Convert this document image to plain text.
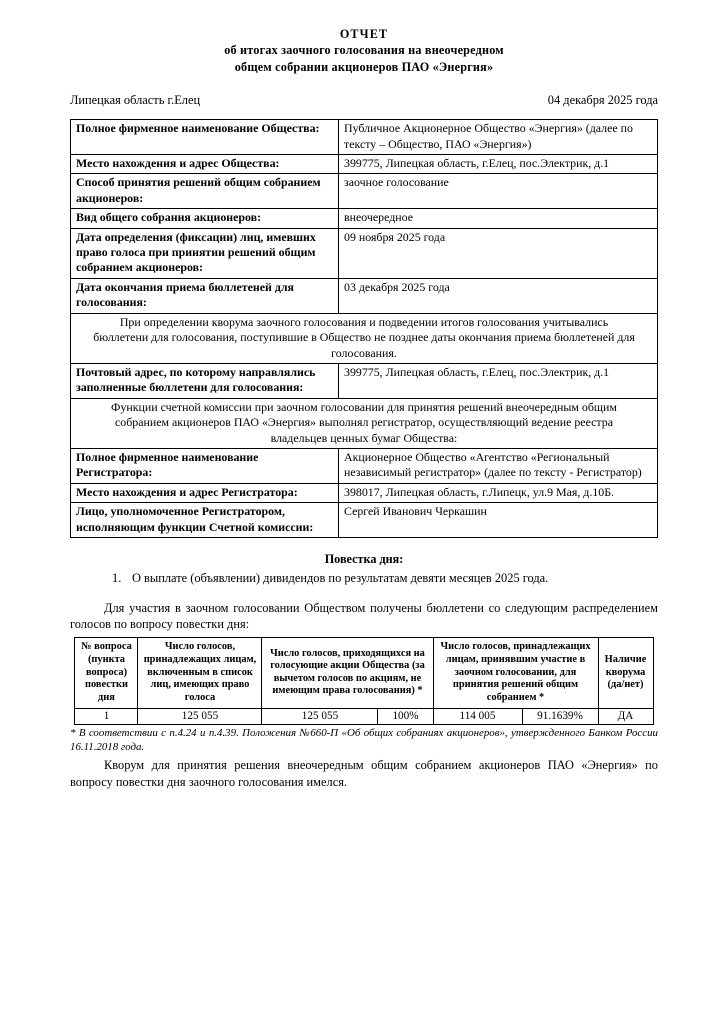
ОТЧЕТ
об итогах заочного голосования на внеочередном
общем собрании акционеров ПАО «Энергия»
Липецкая область г.Елец	04 декабря 2025 года
Полное фирменное наименование Общества:	Публичное Акционерное Общество «Энергия» (далее по тексту – Общество, ПАО «Энергия»)
Место нахождения и адрес Общества:	399775, Липецкая область, г.Елец, пос.Электрик, д.1
Способ принятия решений общим собранием акционеров:	заочное голосование
Вид общего собрания акционеров:	внеочередное
Дата определения (фиксации) лиц, имевших право голоса при принятии решений общим собранием акционеров:	09 ноября 2025 года
Дата окончания приема бюллетеней для голосования:	03 декабря 2025 года
При определении кворума заочного голосования и подведении итогов голосования учитывались бюллетени для голосования, поступившие в Общество не позднее даты окончания приема бюллетеней для голосования.	
Почтовый адрес, по которому направлялись заполненные бюллетени для голосования:	399775, Липецкая область, г.Елец, пос.Электрик, д.1
Функции счетной комиссии при заочном голосовании для принятия решений внеочередным общим собранием акционеров ПАО «Энергия» выполнял регистратор, осуществляющий ведение реестра владельцев ценных бумаг Общества:	
Полное фирменное наименование Регистратора:	Акционерное Общество «Агентство «Региональный независимый регистратор» (далее по тексту - Регистратор)
Место нахождения и адрес Регистратора:	398017, Липецкая область, г.Липецк, ул.9 Мая, д.10Б.
Лицо, уполномоченное Регистратором, исполняющим функции Счетной комиссии:	Сергей Иванович Черкашин
Повестка дня:
1. О выплате (объявлении) дивидендов по результатам девяти месяцев 2025 года.
Для участия в заочном голосовании Обществом получены бюллетени со следующим распределением голосов по вопросу повестки дня:
№ вопроса (пункта вопроса) повестки дня	Число голосов, принадлежащих лицам, включенным в список лиц, имеющих право голоса	Число голосов, приходящихся на голосующие акции Общества (за вычетом голосов по акциям, не имеющим права голосования) *		Число голосов, принадлежащих лицам, принявшим участие в заочном голосовании, для принятия решений общим собранием *		Наличие кворума (да/нет)
1	125 055	125 055	100%	114 005	91.1639%	ДА
* В соответствии с п.4.24 и п.4.39. Положения №660-П «Об общих собраниях акционеров», утвержденного Банком России 16.11.2018 года.
Кворум для принятия решения внеочередным общим собранием акционеров ПАО «Энергия» по вопросу повестки дня заочного голосования имелся.
